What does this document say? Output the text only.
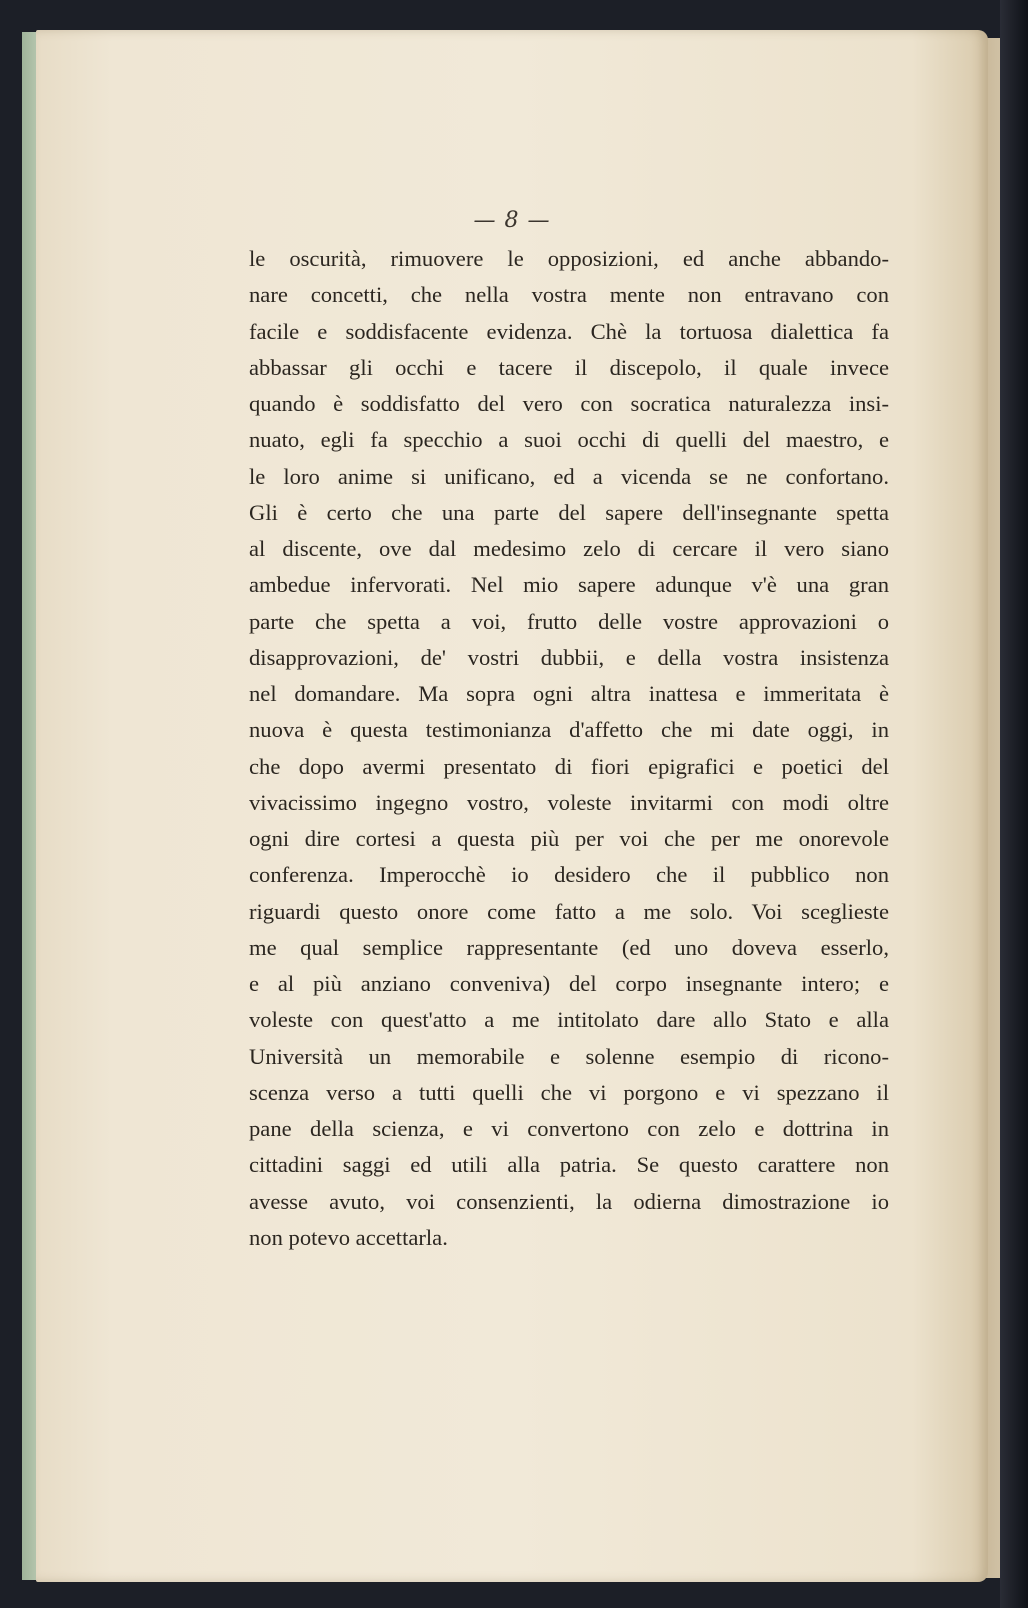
— 8 —
le oscurità, rimuovere le opposizioni, ed anche abbando-
nare concetti, che nella vostra mente non entravano con
facile e soddisfacente evidenza. Chè la tortuosa dialettica fa
abbassar gli occhi e tacere il discepolo, il quale invece
quando è soddisfatto del vero con socratica naturalezza insi-
nuato, egli fa specchio a suoi occhi di quelli del maestro, e
le loro anime si unificano, ed a vicenda se ne confortano.
Gli è certo che una parte del sapere dell'insegnante spetta
al discente, ove dal medesimo zelo di cercare il vero siano
ambedue infervorati. Nel mio sapere adunque v'è una gran
parte che spetta a voi, frutto delle vostre approvazioni o
disapprovazioni, de' vostri dubbii, e della vostra insistenza
nel domandare. Ma sopra ogni altra inattesa e immeritata è
nuova è questa testimonianza d'affetto che mi date oggi, in
che dopo avermi presentato di fiori epigrafici e poetici del
vivacissimo ingegno vostro, voleste invitarmi con modi oltre
ogni dire cortesi a questa più per voi che per me onorevole
conferenza. Imperocchè io desidero che il pubblico non
riguardi questo onore come fatto a me solo. Voi sceglieste
me qual semplice rappresentante (ed uno doveva esserlo,
e al più anziano conveniva) del corpo insegnante intero; e
voleste con quest'atto a me intitolato dare allo Stato e alla
Università un memorabile e solenne esempio di ricono-
scenza verso a tutti quelli che vi porgono e vi spezzano il
pane della scienza, e vi convertono con zelo e dottrina in
cittadini saggi ed utili alla patria. Se questo carattere non
avesse avuto, voi consenzienti, la odierna dimostrazione io
non potevo accettarla.
